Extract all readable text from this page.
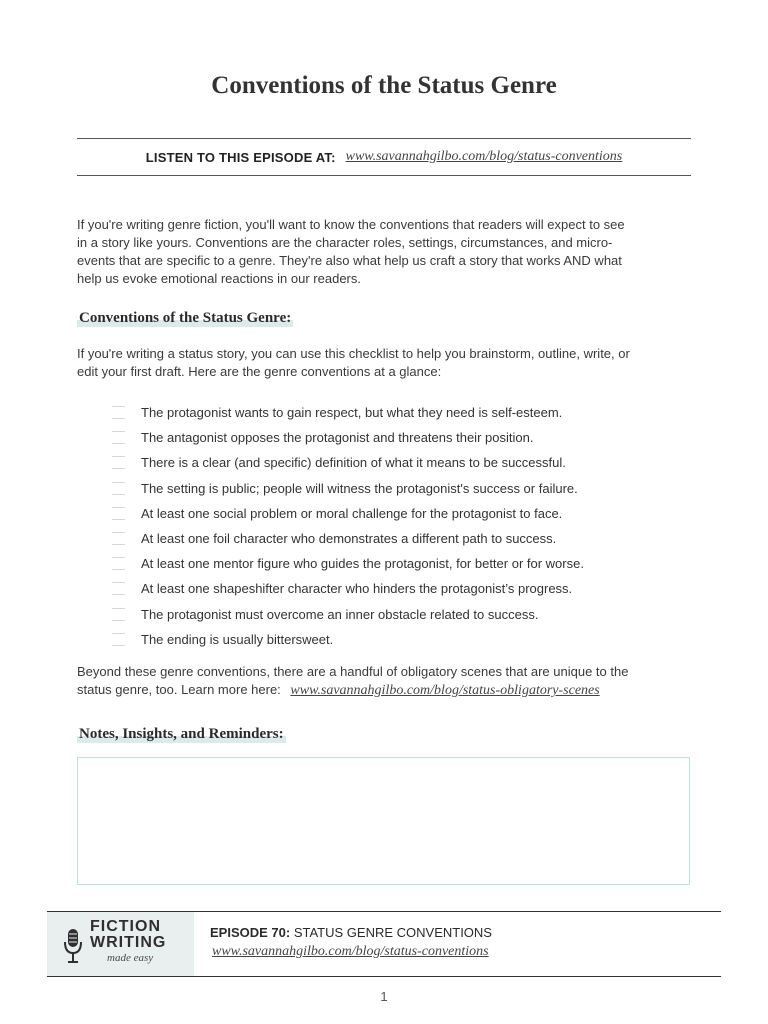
Conventions of the Status Genre
LISTEN TO THIS EPISODE AT: www.savannahgilbo.com/blog/status-conventions
If you're writing genre fiction, you'll want to know the conventions that readers will expect to see
in a story like yours. Conventions are the character roles, settings, circumstances, and micro-
events that are specific to a genre. They're also what help us craft a story that works AND what
help us evoke emotional reactions in our readers.
Conventions of the Status Genre:
If you're writing a status story, you can use this checklist to help you brainstorm, outline, write, or
edit your first draft. Here are the genre conventions at a glance:
The protagonist wants to gain respect, but what they need is self-esteem.
The antagonist opposes the protagonist and threatens their position.
There is a clear (and specific) definition of what it means to be successful.
The setting is public; people will witness the protagonist's success or failure.
At least one social problem or moral challenge for the protagonist to face.
At least one foil character who demonstrates a different path to success.
At least one mentor figure who guides the protagonist, for better or for worse.
At least one shapeshifter character who hinders the protagonist’s progress.
The protagonist must overcome an inner obstacle related to success.
The ending is usually bittersweet.
Beyond these genre conventions, there are a handful of obligatory scenes that are unique to the
status genre, too. Learn more here: www.savannahgilbo.com/blog/status-obligatory-scenes
Notes, Insights, and Reminders:
FICTION
WRITING
made easy
EPISODE 70: STATUS GENRE CONVENTIONS
www.savannahgilbo.com/blog/status-conventions
1
